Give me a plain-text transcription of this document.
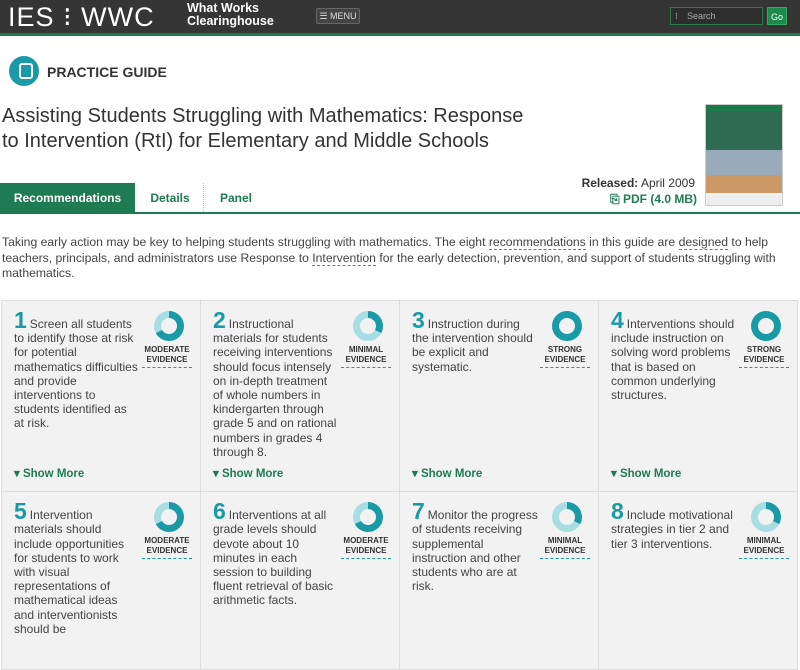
IES ⁝ WWC	What Works
Clearinghouse	☰ MENU	⁝ Search	Go
PRACTICE GUIDE
Assisting Students Struggling with Mathematics: Response to Intervention (RtI) for Elementary and Middle Schools
Released: April 2009
⎘ PDF (4.0 MB)
Recommendations	Details	Panel
Taking early action may be key to helping students struggling with mathematics. The eight recommendations in this guide are designed to help teachers, principals, and administrators use Response to Intervention for the early detection, prevention, and support of students struggling with mathematics.
MODERATE
EVIDENCE
1 Screen all students to identify those at risk for potential mathematics difficulties and provide interventions to students identified as at risk.
▾ Show More
MINIMAL
EVIDENCE
2 Instructional materials for students receiving interventions should focus intensely on in-depth treatment of whole numbers in kindergarten through grade 5 and on rational numbers in grades 4 through 8.
▾ Show More
STRONG
EVIDENCE
3 Instruction during the intervention should be explicit and systematic.
▾ Show More
STRONG
EVIDENCE
4 Interventions should include instruction on solving word problems that is based on common underlying structures.
▾ Show More
MODERATE
EVIDENCE
5 Intervention materials should include opportunities for students to work with visual representations of mathematical ideas and interventionists should be
MODERATE
EVIDENCE
6 Interventions at all grade levels should devote about 10 minutes in each session to building fluent retrieval of basic arithmetic facts.
MINIMAL
EVIDENCE
7 Monitor the progress of students receiving supplemental instruction and other students who are at risk.
MINIMAL
EVIDENCE
8 Include motivational strategies in tier 2 and tier 3 interventions.
